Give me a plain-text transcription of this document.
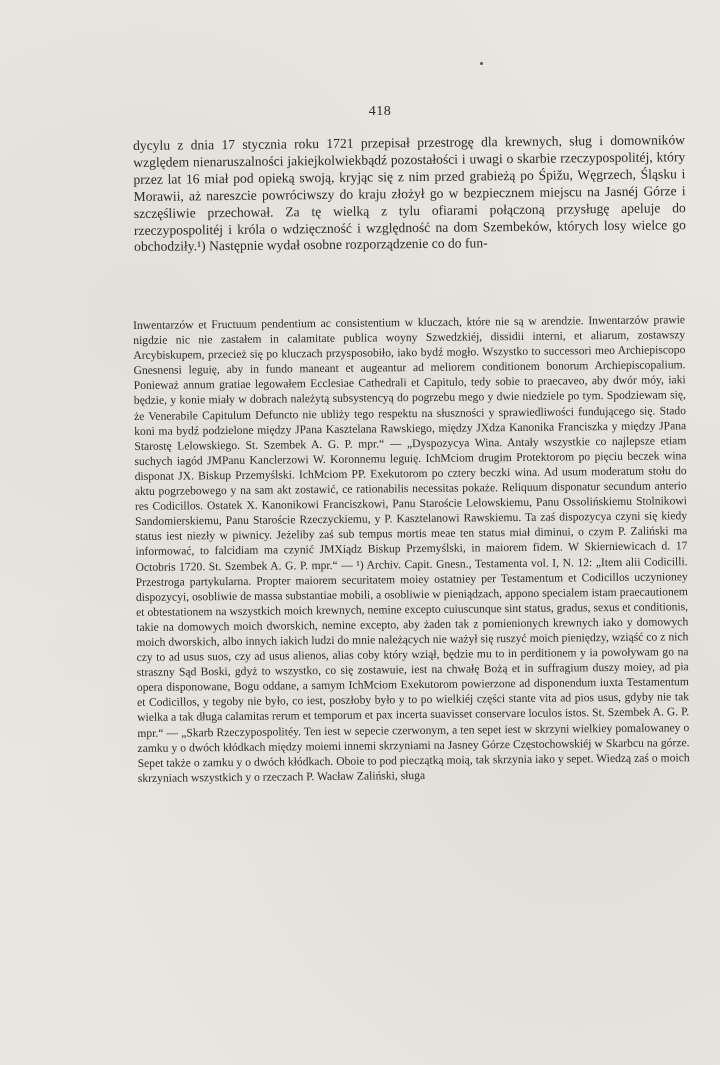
418

dycylu z dnia 17 stycznia roku 1721 przepisał przestrogę dla krewnych, sług i domowników względem nienaruszalności jakiejkolwiekbądź pozostałości i uwagi o skarbie rzeczypospolitéj, który przez lat 16 miał pod opieką swoją, kryjąc się z nim przed grabieżą po Śpižu, Węgrzech, Śląsku i Morawii, aż nareszcie powróciwszy do kraju złożył go w bezpiecznem miejscu na Jasnéj Górze i szczęśliwie przechował. Za tę wielką z tylu ofiarami połączoną przysługę apeluje do rzeczypospolitéj i króla o wdzięczność i względność na dom Szembeków, których losy wielce go obchodziły.¹) Następnie wydał osobne rozporządzenie co do fun-

Inwentarzów et Fructuum pendentium ac consistentium w kluczach, które nie są w arendzie. Inwentarzów prawie nigdzie nic nie zastałem in calamitate publica woyny Szwedzkiéj, dissidii interni, et aliarum, zostawszy Arcybiskupem, przecież się po kluczach przysposobiło, iako bydź mogło. Wszystko to successori meo Archiepiscopo Gnesnensi leguię, aby in fundo maneant et augeantur ad meliorem conditionem bonorum Archiepiscopalium. Ponieważ annum gratiae legowałem Ecclesiae Cathedrali et Capitulo, tedy sobie to praecaveo, aby dwór móy, iaki będzie, y konie miały w dobrach należytą subsystencyą do pogrzebu mego y dwie niedziele po tym. Spodziewam się, że Venerabile Capitulum Defuncto nie ubliży tego respektu na słuszności y sprawiedliwości fundującego się. Stado koni ma bydź podzielone między JPana Kasztelana Rawskiego, między JXdza Kanonika Franciszka y między JPana Starostę Lelowskiego. St. Szembek A. G. P. mpr.“ — „Dyspozycya Wina. Antały wszystkie co najlepsze etiam suchych iagód JMPanu Kanclerzowi W. Koronnemu leguię. IchMciom drugim Protektorom po pięciu beczek wina disponat JX. Biskup Przemyślski. IchMciom PP. Exekutorom po cztery beczki wina. Ad usum moderatum stołu do aktu pogrzebowego y na sam akt zostawić, ce rationabilis necessitas pokaże. Reliquum disponatur secundum anterio res Codicillos. Ostatek X. Kanonikowi Franciszkowi, Panu Staroście Lelowskiemu, Panu Ossolińskiemu Stolnikowi Sandomierskiemu, Panu Staroście Rzeczyckiemu, y P. Kasztelanowi Rawskiemu. Ta zaś dispozycya czyni się kiedy status iest niezły w piwnicy. Jeżeliby zaś sub tempus mortis meae ten status miał diminui, o czym P. Zaliński ma informować, to falcidiam ma czynić JMXiądz Biskup Przemyślski, in maiorem fidem. W Skierniewicach d. 17 Octobris 1720. St. Szembek A. G. P. mpr.“ — ¹) Archiv. Capit. Gnesn., Testamenta vol. I, N. 12: „Item alii Codicilli. Przestroga partykularna. Propter maiorem securitatem moiey ostatniey per Testamentum et Codicillos uczynioney dispozycyi, osobliwie de massa substantiae mobili, a osobliwie w pieniądzach, appono specialem istam praecautionem et obtestationem na wszystkich moich krewnych, nemine excepto cuiuscunque sint status, gradus, sexus et conditionis, takie na domowych moich dworskich, nemine excepto, aby żaden tak z pomienionych krewnych iako y domowych moich dworskich, albo innych iakich ludzi do mnie należących nie ważył się ruszyć moich pieniędzy, wziąść co z nich czy to ad usus suos, czy ad usus alienos, alias coby który wziął, będzie mu to in perditionem y ia powoływam go na straszny Sąd Boski, gdyż to wszystko, co się zostawuie, iest na chwałę Bożą et in suffragium duszy moiey, ad pia opera disponowane, Bogu oddane, a samym IchMciom Exekutorom powierzone ad disponendum iuxta Testamentum et Codicillos, y tegoby nie było, co iest, poszłoby było y to po wielkiéj części stante vita ad pios usus, gdyby nie tak wielka a tak długa calamitas rerum et temporum et pax incerta suavisset conservare loculos istos. St. Szembek A. G. P. mpr.“ — „Skarb Rzeczypospolitéy. Ten iest w sepecie czerwonym, a ten sepet iest w skrzyni wielkiey pomalowaney o zamku y o dwóch kłódkach między moiemi innemi skrzyniami na Jasney Górze Częstochowskiéj w Skarbcu na górze. Sepet także o zamku y o dwóch kłódkach. Oboie to pod pieczątką moią, tak skrzynia iako y sepet. Wiedzą zaś o moich skrzyniach wszystkich y o rzeczach P. Wacław Zaliński, sługa
